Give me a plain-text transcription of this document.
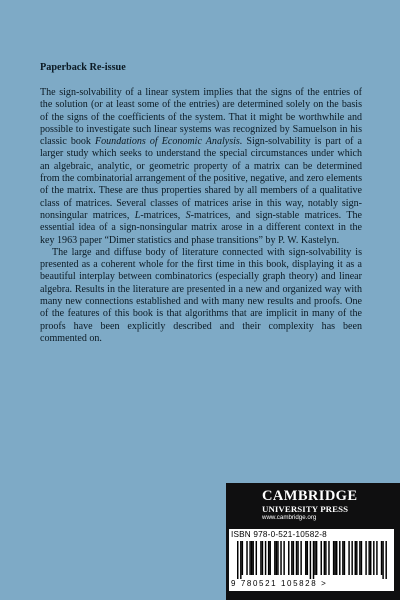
Paperback Re-issue

The sign-solvability of a linear system implies that the signs of the entries of the solution (or at least some of the entries) are determined solely on the basis of the signs of the coefficients of the system. That it might be worthwhile and possible to investigate such linear systems was recognized by Samuelson in his classic book Foundations of Economic Analysis. Sign-solvability is part of a larger study which seeks to understand the special circumstances under which an algebraic, analytic, or geometric property of a matrix can be determined from the combinatorial arrangement of the positive, negative, and zero elements of the matrix. These are thus properties shared by all members of a qualitative class of matrices. Several classes of matrices arise in this way, notably sign-nonsingular matrices, L-matrices, S-matrices, and sign-stable matrices. The essential idea of a sign-nonsingular matrix arose in a different context in the key 1963 paper “Dimer statistics and phase transitions” by P. W. Kastelyn.

The large and diffuse body of literature connected with sign-solvability is presented as a coherent whole for the first time in this book, displaying it as a beautiful interplay between combinatorics (especially graph theory) and linear algebra. Results in the literature are presented in a new and organized way with many new connections established and with many new results and proofs. One of the features of this book is that algorithms that are implicit in many of the proofs have been explicitly described and their complexity has been commented on.

CAMBRIDGE
UNIVERSITY PRESS
www.cambridge.org
ISBN 978-0-521-10582-8
9 780521 105828 >
